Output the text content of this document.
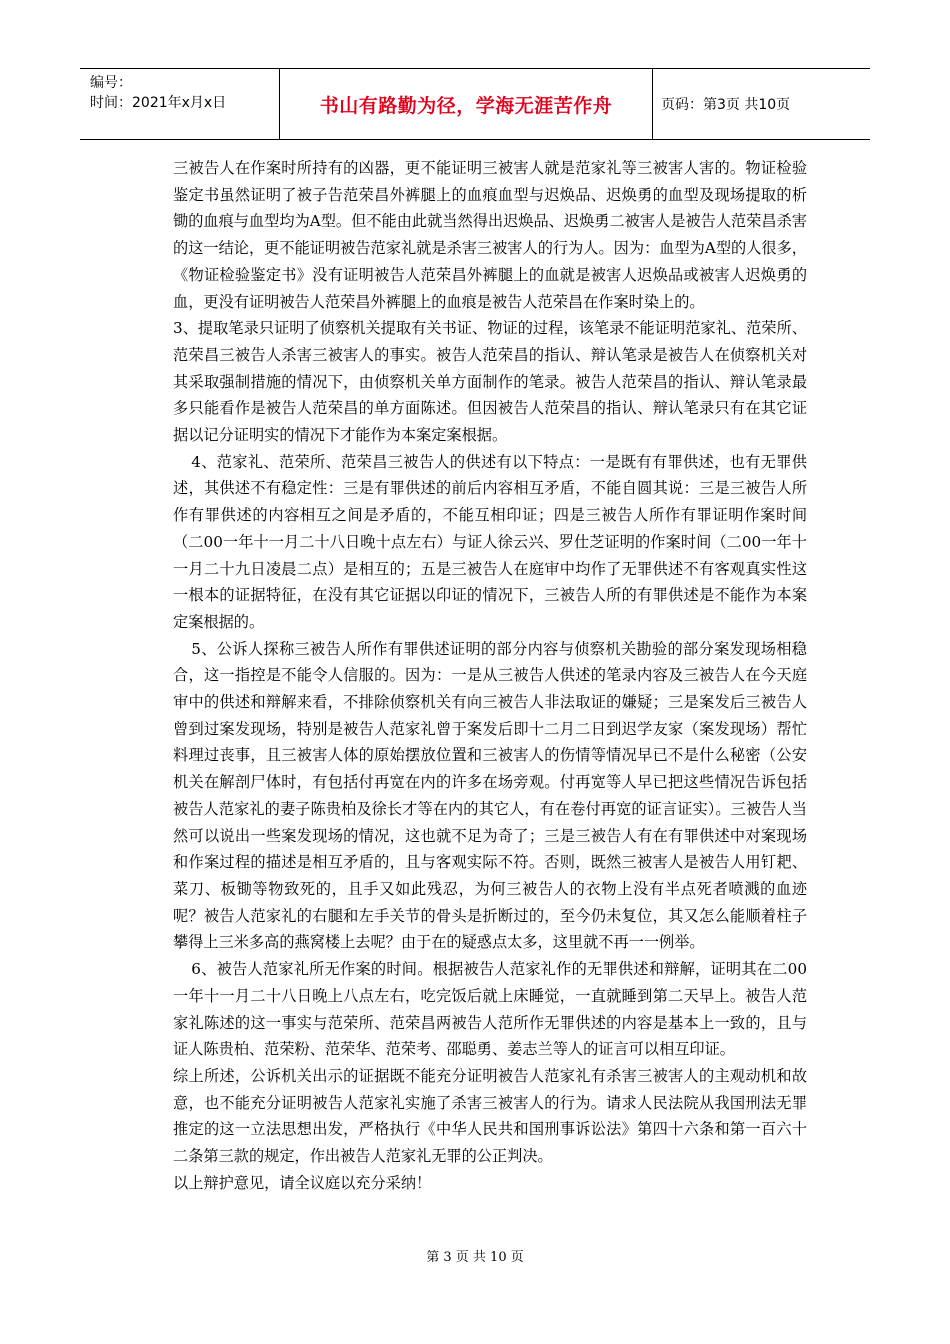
编号：
时间：2021年x月x日	书山有路勤为径，学海无涯苦作舟	页码：第3页 共10页

三被告人在作案时所持有的凶器，更不能证明三被害人就是范家礼等三被害人害的。物证检验鉴定书虽然证明了被子告范荣昌外裤腿上的血痕血型与迟焕品、迟焕勇的血型及现场提取的析锄的血痕与血型均为A型。但不能由此就当然得出迟焕品、迟焕勇二被害人是被告人范荣昌杀害的这一结论，更不能证明被告范家礼就是杀害三被害人的行为人。因为：血型为A型的人很多，《物证检验鉴定书》没有证明被告人范荣昌外裤腿上的血就是被害人迟焕品或被害人迟焕勇的血，更没有证明被告人范荣昌外裤腿上的血痕是被告人范荣昌在作案时染上的。

3、提取笔录只证明了侦察机关提取有关书证、物证的过程，该笔录不能证明范家礼、范荣所、范荣昌三被告人杀害三被害人的事实。被告人范荣昌的指认、辩认笔录是被告人在侦察机关对其采取强制措施的情况下，由侦察机关单方面制作的笔录。被告人范荣昌的指认、辩认笔录最多只能看作是被告人范荣昌的单方面陈述。但因被告人范荣昌的指认、辩认笔录只有在其它证据以记分证明实的情况下才能作为本案定案根据。

4、范家礼、范荣所、范荣昌三被告人的供述有以下特点：一是既有有罪供述，也有无罪供述，其供述不有稳定性：三是有罪供述的前后内容相互矛盾，不能自圆其说：三是三被告人所作有罪供述的内容相互之间是矛盾的，不能互相印证；四是三被告人所作有罪证明作案时间（二00一年十一月二十八日晚十点左右）与证人徐云兴、罗仕芝证明的作案时间（二00一年十一月二十九日凌晨二点）是相互的；五是三被告人在庭审中均作了无罪供述不有客观真实性这一根本的证据特征，在没有其它证据以印证的情况下，三被告人所的有罪供述是不能作为本案定案根据的。

5、公诉人探称三被告人所作有罪供述证明的部分内容与侦察机关勘验的部分案发现场相稳合，这一指控是不能令人信服的。因为：一是从三被告人供述的笔录内容及三被告人在今天庭审中的供述和辩解来看，不排除侦察机关有向三被告人非法取证的嫌疑；三是案发后三被告人曾到过案发现场，特别是被告人范家礼曾于案发后即十二月二日到迟学友家（案发现场）帮忙料理过丧事，且三被害人体的原始摆放位置和三被害人的伤情等情况早已不是什么秘密（公安机关在解剖尸体时，有包括付再宽在内的许多在场旁观。付再宽等人早已把这些情况告诉包括被告人范家礼的妻子陈贵柏及徐长才等在内的其它人，有在卷付再宽的证言证实）。三被告人当然可以说出一些案发现场的情况，这也就不足为奇了；三是三被告人有在有罪供述中对案现场和作案过程的描述是相互矛盾的，且与客观实际不符。否则，既然三被害人是被告人用钉耙、菜刀、板锄等物致死的，且手又如此残忍，为何三被告人的衣物上没有半点死者喷溅的血迹呢？被告人范家礼的右腿和左手关节的骨头是折断过的，至今仍未复位，其又怎么能顺着柱子攀得上三米多高的燕窝楼上去呢？由于在的疑惑点太多，这里就不再一一例举。

6、被告人范家礼所无作案的时间。根据被告人范家礼作的无罪供述和辩解，证明其在二00一年十一月二十八日晚上八点左右，吃完饭后就上床睡觉，一直就睡到第二天早上。被告人范家礼陈述的这一事实与范荣所、范荣昌两被告人范所作无罪供述的内容是基本上一致的，且与证人陈贵柏、范荣粉、范荣华、范荣考、邵聪勇、姜志兰等人的证言可以相互印证。

综上所述，公诉机关出示的证据既不能充分证明被告人范家礼有杀害三被害人的主观动机和故意，也不能充分证明被告人范家礼实施了杀害三被害人的行为。请求人民法院从我国刑法无罪推定的这一立法思想出发，严格执行《中华人民共和国刑事诉讼法》第四十六条和第一百六十二条第三款的规定，作出被告人范家礼无罪的公正判决。

以上辩护意见，请全议庭以充分采纳！

第 3 页 共 10 页
